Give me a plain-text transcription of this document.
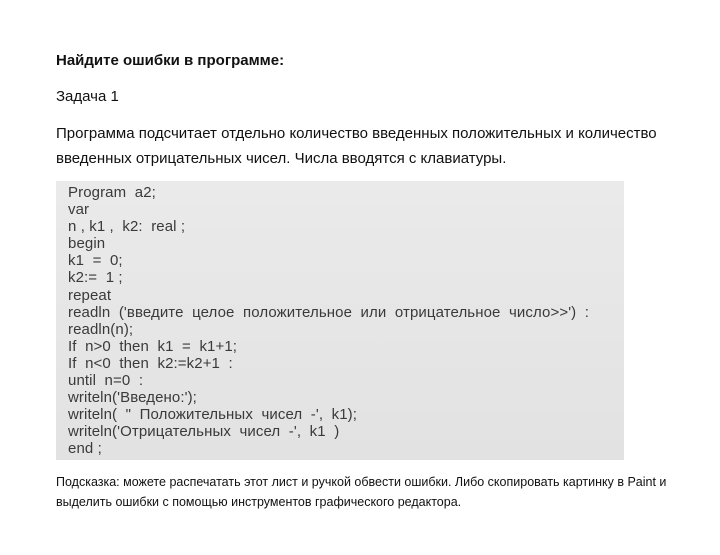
Найдите ошибки в программе:
Задача 1
Программа подсчитает отдельно количество введенных положительных и количество введенных отрицательных чисел. Числа вводятся с клавиатуры.
Program  a2;
var
n , k1 ,  k2:  real ;
begin
k1  =  0;
k2:=  1 ;
repeat
readln  ('введите  целое  положительное  или  отрицательное  число>>')  :
readln(n);
If  n>0  then  k1  =  k1+1;
If  n<0  then  k2:=k2+1  :
until  n=0  :
writeln('Введено:');
writeln(  "  Положительных  чисел  -',  k1);
writeln('Отрицательных  чисел  -',  k1  )
end ;
Подсказка: можете распечатать этот лист и ручкой обвести ошибки. Либо скопировать картинку в Paint и выделить ошибки с помощью инструментов графического редактора.
